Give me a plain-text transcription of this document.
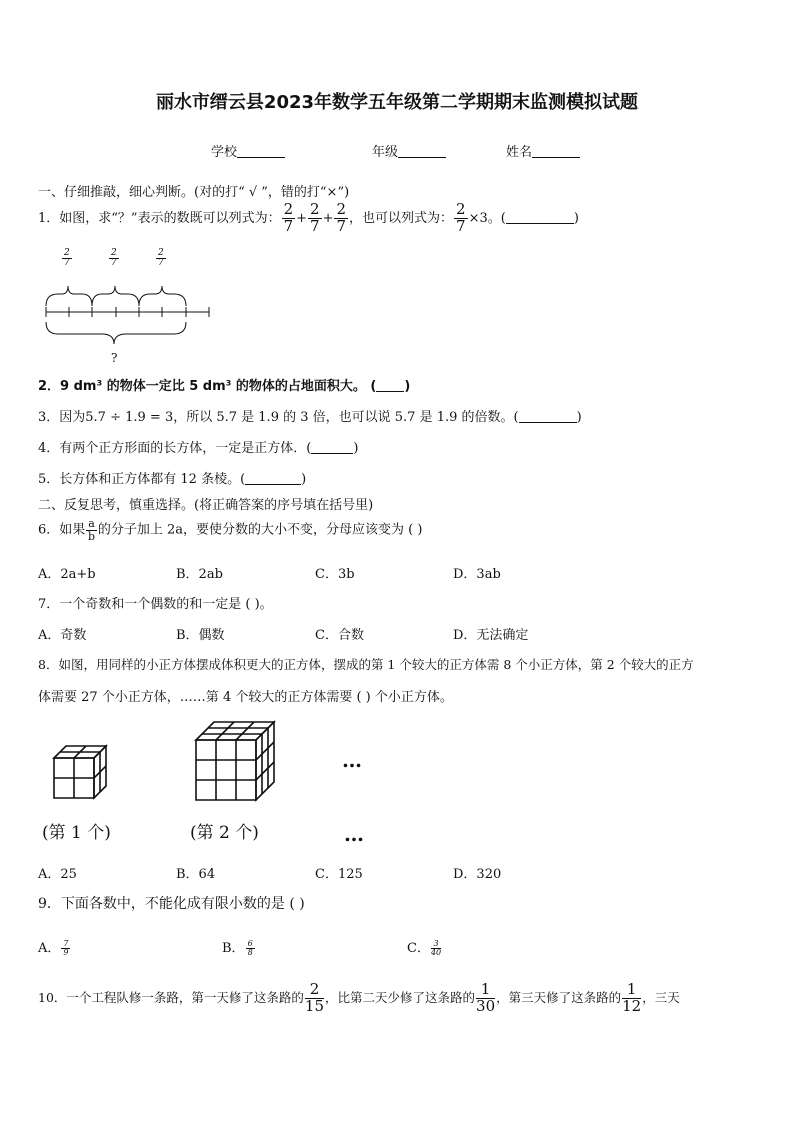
丽水市缙云县2023年数学五年级第二学期期末监测模拟试题
学校	年级	姓名
一、仔细推敲，细心判断。(对的打“ √ ”，错的打“×”)
1．如图，求“？”表示的数既可以列式为： $\frac{2}{7} + \frac{2}{7} + \frac{2}{7}$ ，也可以列式为： $\frac{2}{7} \times 3$。(	)
$\frac{2}{7}$	$\frac{2}{7}$	$\frac{2}{7}$
?
2．9 dm³ 的物体一定比 5 dm³ 的物体的占地面积大。 ( )
3．因为5.7 ÷ 1.9 = 3，所以 5.7 是 1.9 的 3 倍，也可以说 5.7 是 1.9 的倍数。(	)
4．有两个正方形面的长方体，一定是正方体．(	)
5．长方体和正方体都有 12 条棱。(	)
二、反复思考，慎重选择。(将正确答案的序号填在括号里)
6．如果 $\frac{a}{b}$ 的分子加上 2a，要使分数的大小不变，分母应该变为 ( )
A．2a+b	B．2ab	C．3b	D．3ab
7．一个奇数和一个偶数的和一定是 ( )。
A．奇数	B．偶数	C．合数	D．无法确定
8．如图，用同样的小正方体摆成体积更大的正方体，摆成的第 1 个较大的正方体需 8 个小正方体，第 2 个较大的正方
体需要 27 个小正方体，……第 4 个较大的正方体需要 ( ) 个小正方体。
…
(第 1 个)	(第 2 个)	…
A．25	B．64	C．125	D．320
9．下面各数中，不能化成有限小数的是 ( )
A． $\frac{7}{9}$	B． $\frac{6}{8}$	C． $\frac{3}{40}$
10．一个工程队修一条路，第一天修了这条路的 $\frac{2}{15}$ ，比第二天少修了这条路的 $\frac{1}{30}$ ，第三天修了这条路的 $\frac{1}{12}$ ，三天
